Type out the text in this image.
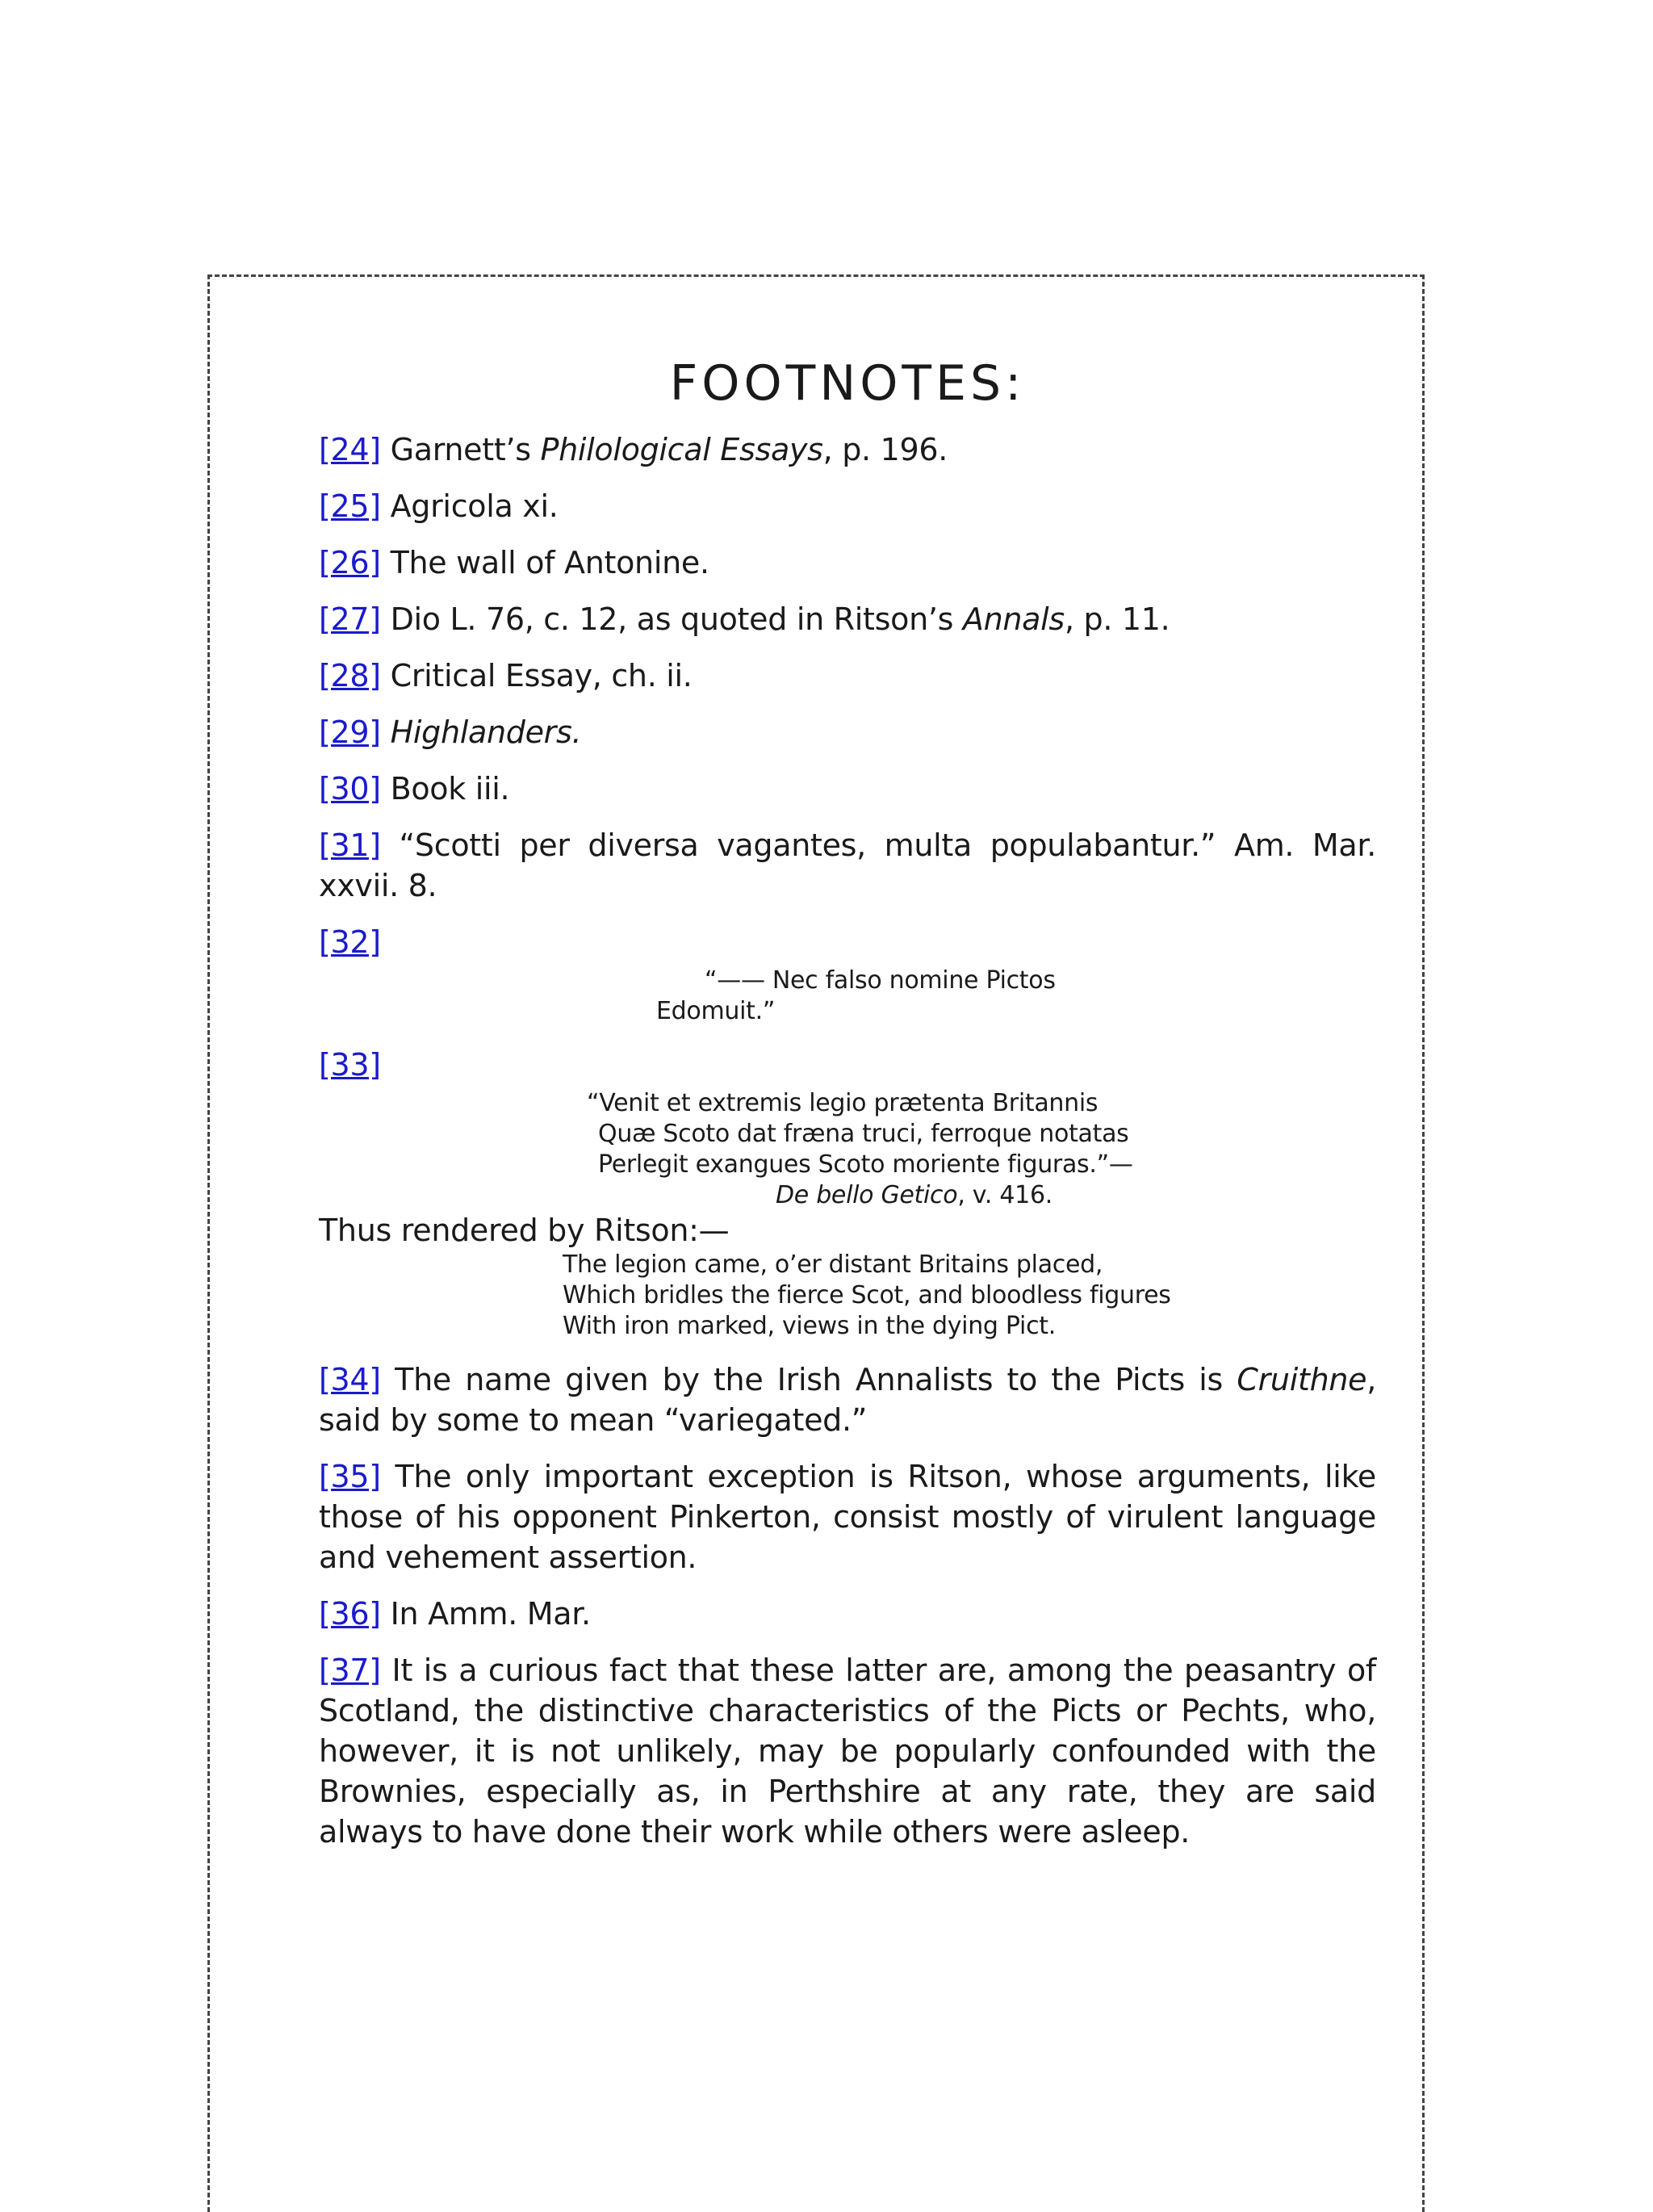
FOOTNOTES:

[24] Garnett’s Philological Essays, p. 196.

[25] Agricola xi.

[26] The wall of Antonine.

[27] Dio L. 76, c. 12, as quoted in Ritson’s Annals, p. 11.

[28] Critical Essay, ch. ii.

[29] Highlanders.

[30] Book iii.

[31] “Scotti per diversa vagantes, multa populabantur.” Am. Mar. xxvii. 8.

[32]

“—— Nec falso nomine Pictos
Edomuit.”

[33]

“Venit et extremis legio prætenta Britannis
Quæ Scoto dat fræna truci, ferroque notatas
Perlegit exangues Scoto moriente figuras.”—
De bello Getico, v. 416.

Thus rendered by Ritson:—

The legion came, o’er distant Britains placed,
Which bridles the fierce Scot, and bloodless figures
With iron marked, views in the dying Pict.

[34] The name given by the Irish Annalists to the Picts is Cruithne, said by some to mean “variegated.”

[35] The only important exception is Ritson, whose arguments, like those of his opponent Pinkerton, consist mostly of virulent language and vehement assertion.

[36] In Amm. Mar.

[37] It is a curious fact that these latter are, among the peasantry of Scotland, the distinctive characteristics of the Picts or Pechts, who, however, it is not unlikely, may be popularly confounded with the Brownies, especially as, in Perthshire at any rate, they are said always to have done their work while others were asleep.
